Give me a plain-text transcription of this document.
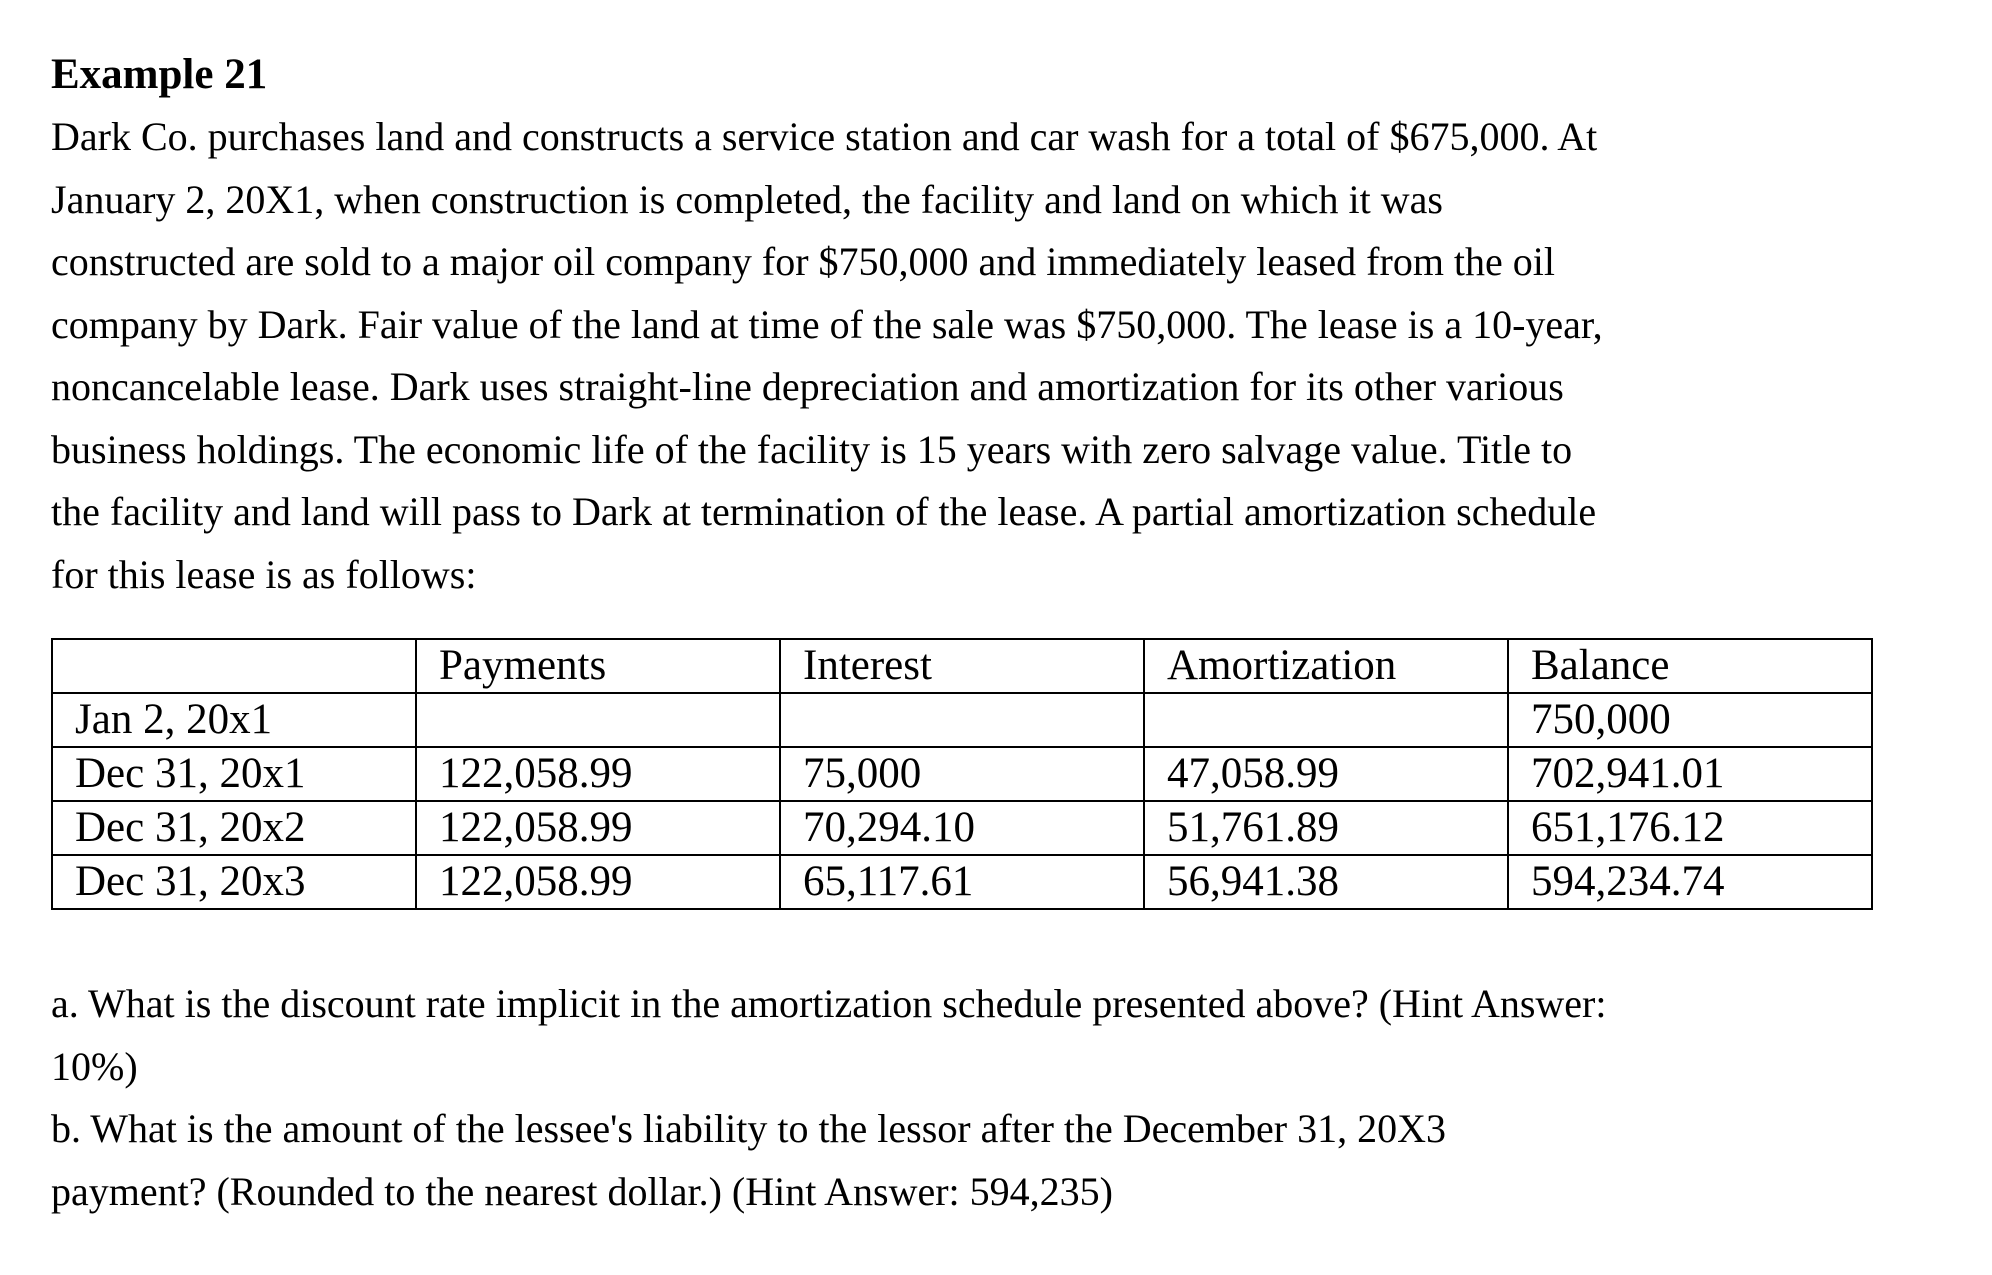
Example 21

Dark Co. purchases land and constructs a service station and car wash for a total of $675,000. At

January 2, 20X1, when construction is completed, the facility and land on which it was

constructed are sold to a major oil company for $750,000 and immediately leased from the oil

company by Dark. Fair value of the land at time of the sale was $750,000. The lease is a 10-year,

noncancelable lease. Dark uses straight-line depreciation and amortization for its other various

business holdings. The economic life of the facility is 15 years with zero salvage value. Title to

the facility and land will pass to Dark at termination of the lease. A partial amortization schedule

for this lease is as follows:

	Payments	Interest	Amortization	Balance
Jan 2, 20x1				750,000
Dec 31, 20x1	122,058.99	75,000	47,058.99	702,941.01
Dec 31, 20x2	122,058.99	70,294.10	51,761.89	651,176.12
Dec 31, 20x3	122,058.99	65,117.61	56,941.38	594,234.74

a. What is the discount rate implicit in the amortization schedule presented above? (Hint Answer:

10%)

b. What is the amount of the lessee's liability to the lessor after the December 31, 20X3

payment? (Rounded to the nearest dollar.) (Hint Answer: 594,235)
